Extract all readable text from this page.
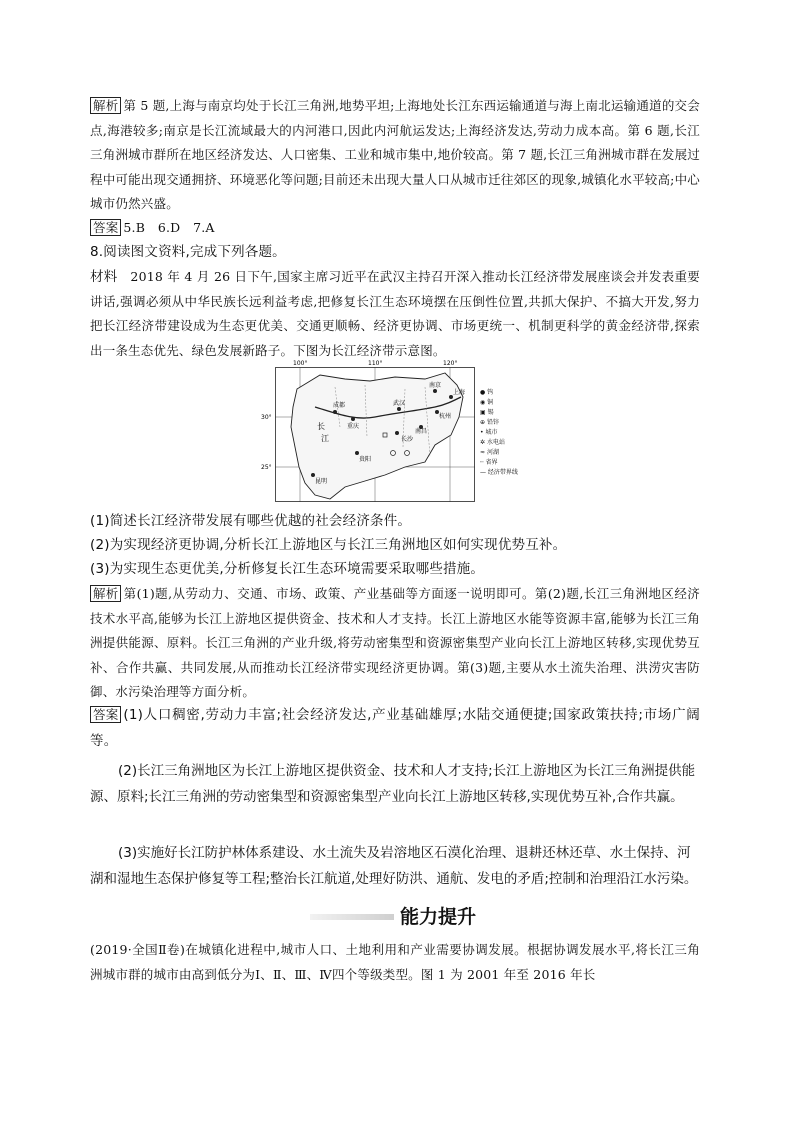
解析 第 5 题,上海与南京均处于长江三角洲,地势平坦;上海地处长江东西运输通道与海上南北运输通道的交会点,海港较多;南京是长江流域最大的内河港口,因此内河航运发达;上海经济发达,劳动力成本高。第 6 题,长江三角洲城市群所在地区经济发达、人口密集、工业和城市集中,地价较高。第 7 题,长江三角洲城市群在发展过程中可能出现交通拥挤、环境恶化等问题;目前还未出现大量人口从城市迁往郊区的现象,城镇化水平较高;中心城市仍然兴盛。
答案 5.B　6.D　7.A
8.阅读图文资料,完成下列各题。
材料　2018 年 4 月 26 日下午,国家主席习近平在武汉主持召开深入推动长江经济带发展座谈会并发表重要讲话,强调必须从中华民族长远利益考虑,把修复长江生态环境摆在压倒性位置,共抓大保护、不搞大开发,努力把长江经济带建设成为生态更优美、交通更顺畅、经济更协调、市场更统一、机制更科学的黄金经济带,探索出一条生态优先、绿色发展新路子。下图为长江经济带示意图。
100°	110°	120°
30°
25°
南京
上海
武汉
重庆
长沙
成都
昆明
贵阳
杭州
南昌
长
江
● 钨
◉ 铜
▣ 锡
⊕ 铅锌
• 城市
✲ 水电站
≈ 河湖
┄ 省界
— 经济带界线
(1)简述长江经济带发展有哪些优越的社会经济条件。
(2)为实现经济更协调,分析长江上游地区与长江三角洲地区如何实现优势互补。
(3)为实现生态更优美,分析修复长江生态环境需要采取哪些措施。
解析 第(1)题,从劳动力、交通、市场、政策、产业基础等方面逐一说明即可。第(2)题,长江三角洲地区经济技术水平高,能够为长江上游地区提供资金、技术和人才支持。长江上游地区水能等资源丰富,能够为长江三角洲提供能源、原料。长江三角洲的产业升级,将劳动密集型和资源密集型产业向长江上游地区转移,实现优势互补、合作共赢、共同发展,从而推动长江经济带实现经济更协调。第(3)题,主要从水土流失治理、洪涝灾害防御、水污染治理等方面分析。
答案 (1)人口稠密,劳动力丰富;社会经济发达,产业基础雄厚;水陆交通便捷;国家政策扶持;市场广阔等。
(2)长江三角洲地区为长江上游地区提供资金、技术和人才支持;长江上游地区为长江三角洲提供能源、原料;长江三角洲的劳动密集型和资源密集型产业向长江上游地区转移,实现优势互补,合作共赢。
(3)实施好长江防护林体系建设、水土流失及岩溶地区石漠化治理、退耕还林还草、水土保持、河湖和湿地生态保护修复等工程;整治长江航道,处理好防洪、通航、发电的矛盾;控制和治理沿江水污染。
能力提升
(2019·全国Ⅱ卷)在城镇化进程中,城市人口、土地利用和产业需要协调发展。根据协调发展水平,将长江三角洲城市群的城市由高到低分为Ⅰ、Ⅱ、Ⅲ、Ⅳ四个等级类型。图 1 为 2001 年至 2016 年长
